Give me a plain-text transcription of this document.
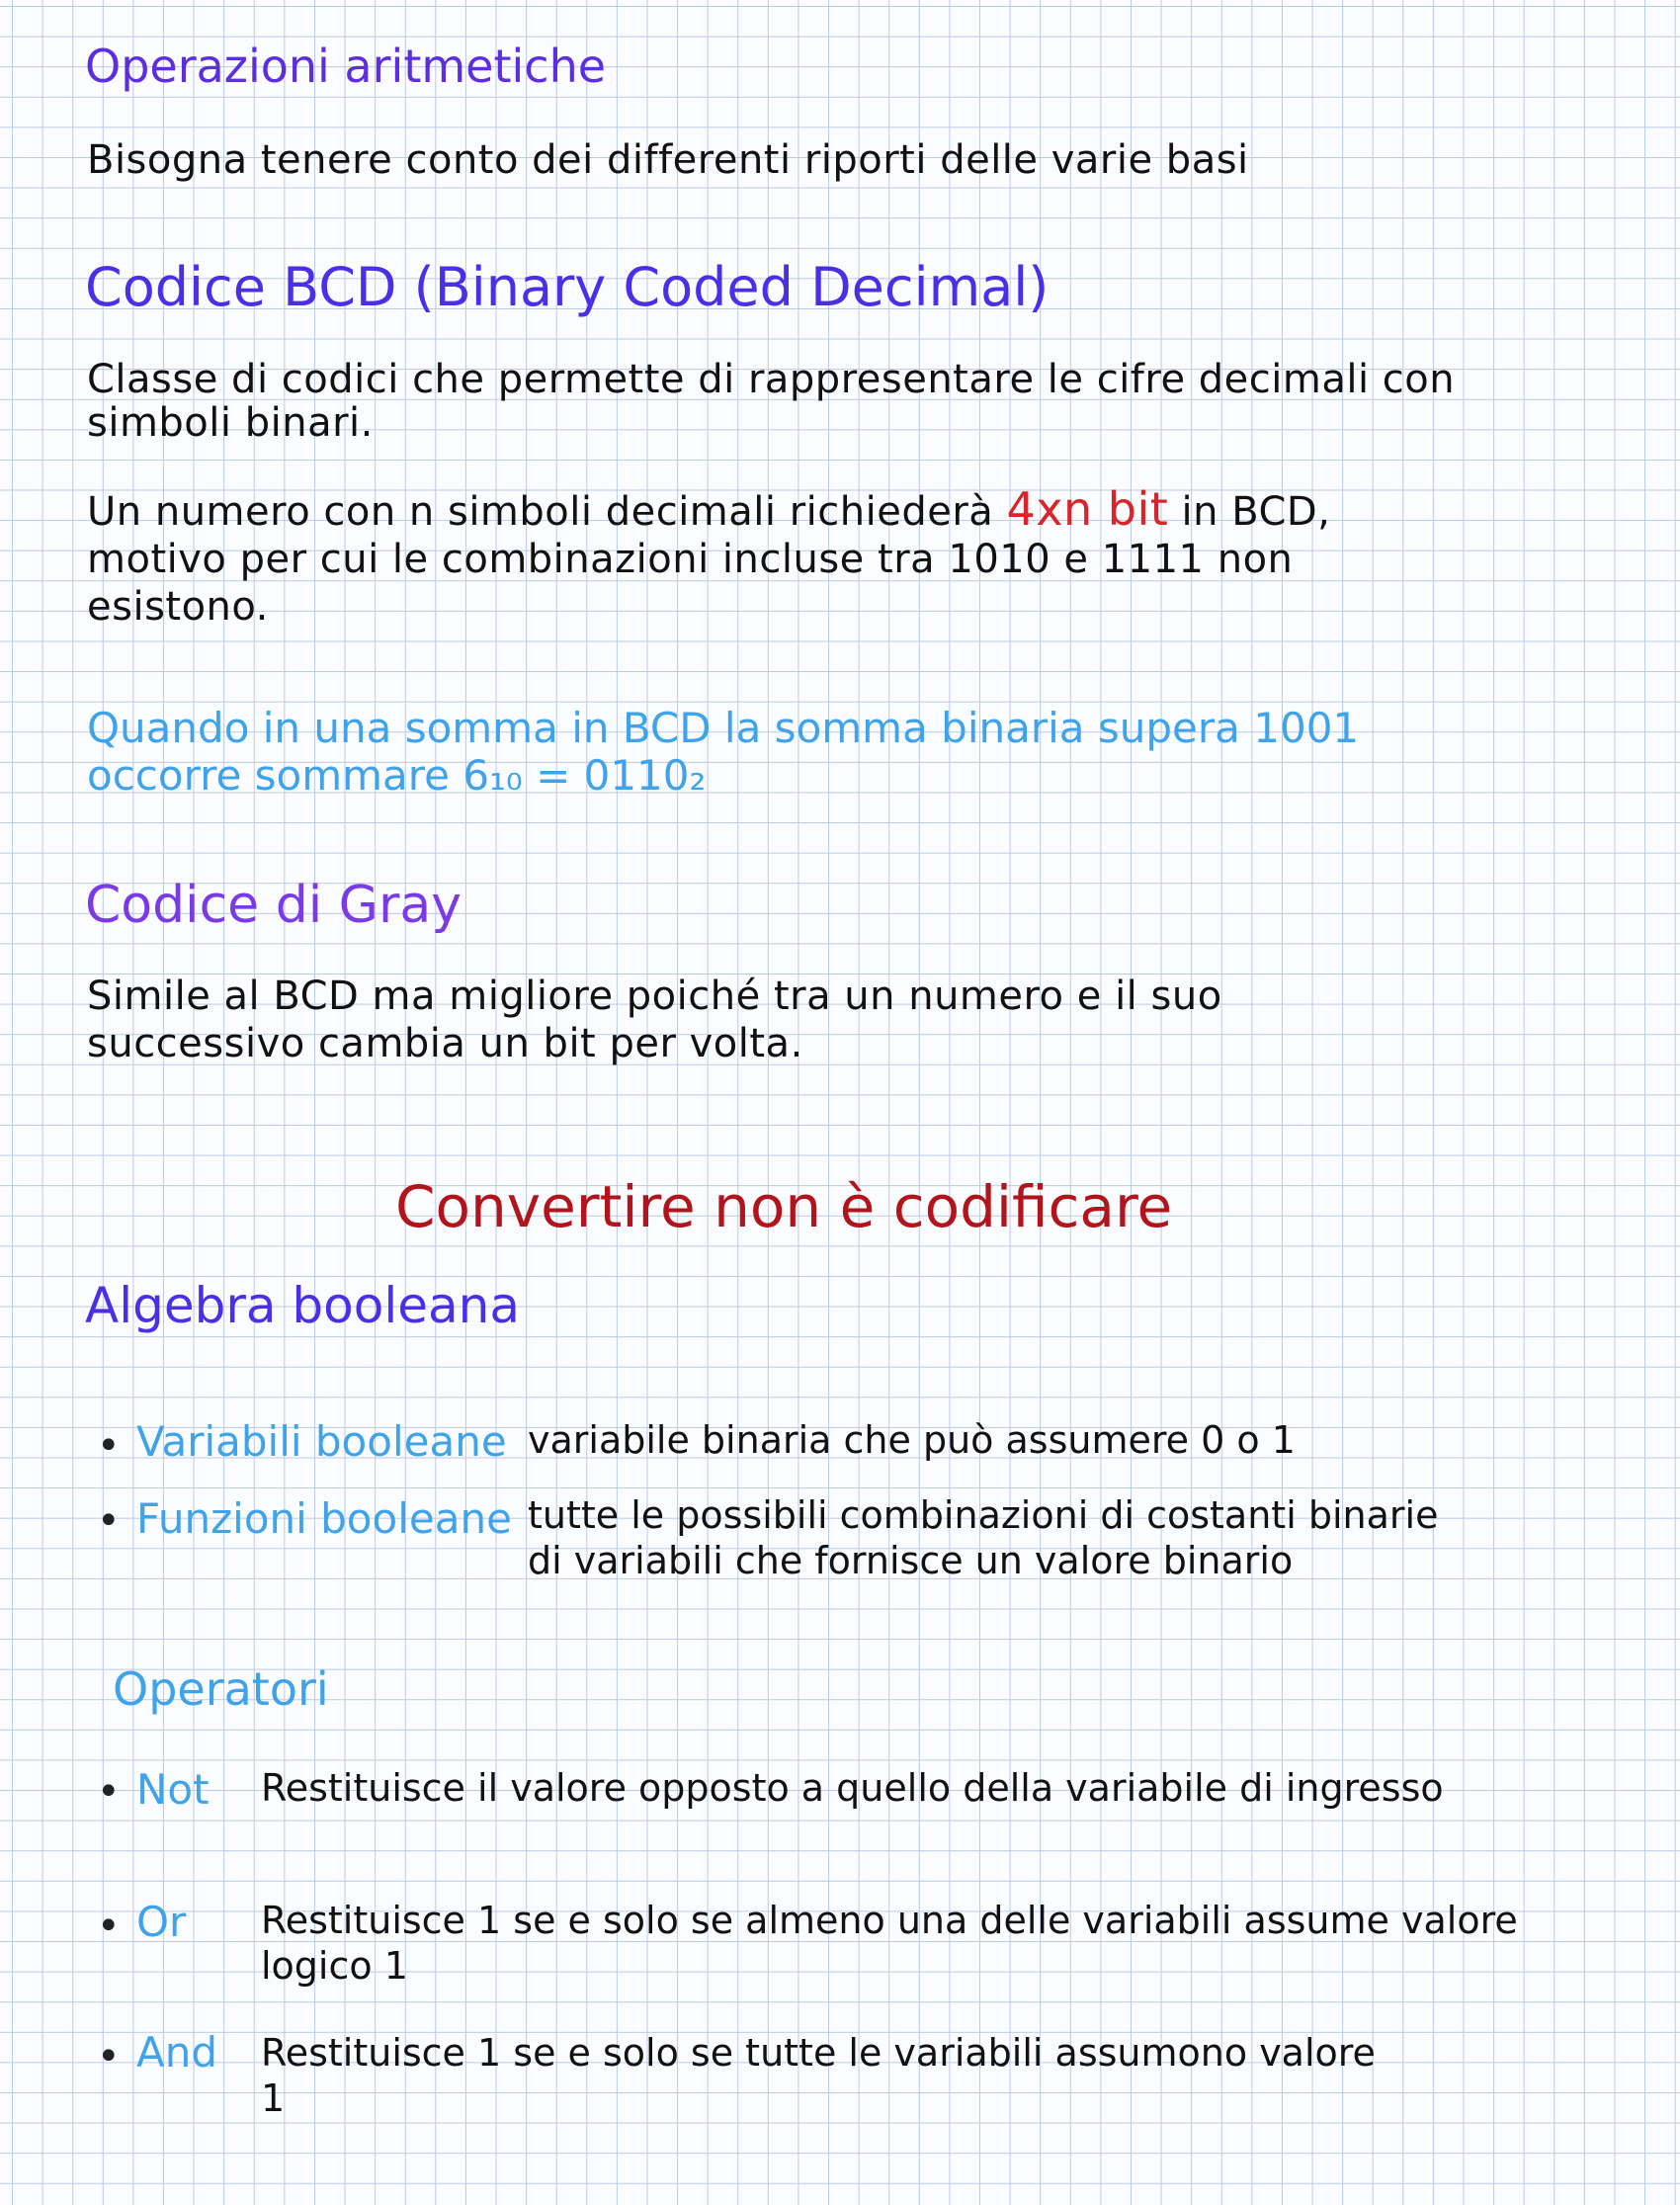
Operazioni aritmetiche
Bisogna tenere conto dei differenti riporti delle varie basi
Codice BCD (Binary Coded Decimal)
Classe di codici che permette di rappresentare le cifre decimali con
simboli binari.
Un numero con n simboli decimali richiederà 4xn bit in BCD,
motivo per cui le combinazioni incluse tra 1010 e 1111 non
esistono.
Quando in una somma in BCD la somma binaria supera 1001
occorre sommare 6₁₀ = 0110₂
Codice di Gray
Simile al BCD ma migliore poiché tra un numero e il suo
successivo cambia un bit per volta.
Convertire non è codificare
Algebra booleana
• Variabili booleane variabile binaria che può assumere 0 o 1
• Funzioni booleane tutte le possibili combinazioni di costanti binarie
di variabili che fornisce un valore binario
Operatori
• Not Restituisce il valore opposto a quello della variabile di ingresso
• Or Restituisce 1 se e solo se almeno una delle variabili assume valore
logico 1
• And Restituisce 1 se e solo se tutte le variabili assumono valore
1
